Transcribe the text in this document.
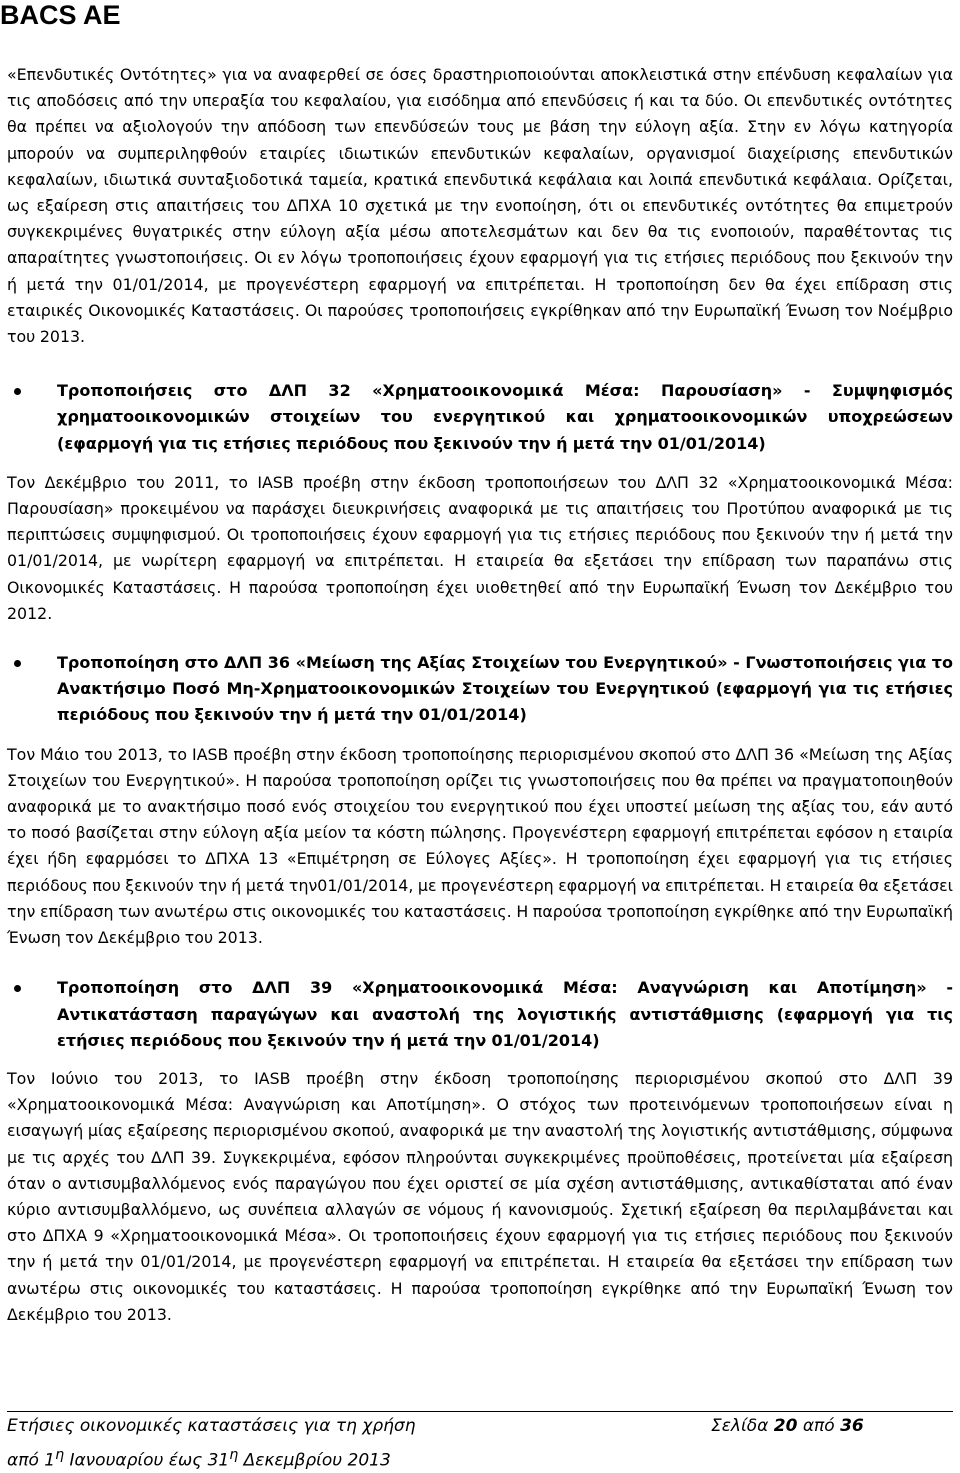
BACS AE

«Επενδυτικές Οντότητες» για να αναφερθεί σε όσες δραστηριοποιούνται αποκλειστικά στην επένδυση κεφαλαίων για τις αποδόσεις από την υπεραξία του κεφαλαίου, για εισόδημα από επενδύσεις ή και τα δύο. Οι επενδυτικές οντότητες θα πρέπει να αξιολογούν την απόδοση των επενδύσεών τους με βάση την εύλογη αξία. Στην εν λόγω κατηγορία μπορούν να συμπεριληφθούν εταιρίες ιδιωτικών επενδυτικών κεφαλαίων, οργανισμοί διαχείρισης επενδυτικών κεφαλαίων, ιδιωτικά συνταξιοδοτικά ταμεία, κρατικά επενδυτικά κεφάλαια και λοιπά επενδυτικά κεφάλαια. Ορίζεται, ως εξαίρεση στις απαιτήσεις του ΔΠΧΑ 10 σχετικά με την ενοποίηση, ότι οι επενδυτικές οντότητες θα επιμετρούν συγκεκριμένες θυγατρικές στην εύλογη αξία μέσω αποτελεσμάτων και δεν θα τις ενοποιούν, παραθέτοντας τις απαραίτητες γνωστοποιήσεις. Οι εν λόγω τροποποιήσεις έχουν εφαρμογή για τις ετήσιες περιόδους που ξεκινούν την ή μετά την 01/01/2014, με προγενέστερη εφαρμογή να επιτρέπεται. Η τροποποίηση δεν θα έχει επίδραση στις εταιρικές Οικονομικές Καταστάσεις. Οι παρούσες τροποποιήσεις εγκρίθηκαν από την Ευρωπαϊκή Ένωση τον Νοέμβριο του 2013.

Τροποποιήσεις στο ΔΛΠ 32 «Χρηματοοικονομικά Μέσα: Παρουσίαση» - Συμψηφισμός χρηματοοικονομικών στοιχείων του ενεργητικού και χρηματοοικονομικών υποχρεώσεων (εφαρμογή για τις ετήσιες περιόδους που ξεκινούν την ή μετά την 01/01/2014)

Τον Δεκέμβριο του 2011, το IASB προέβη στην έκδοση τροποποιήσεων του ΔΛΠ 32 «Χρηματοοικονομικά Μέσα: Παρουσίαση» προκειμένου να παράσχει διευκρινήσεις αναφορικά με τις απαιτήσεις του Προτύπου αναφορικά με τις περιπτώσεις συμψηφισμού. Οι τροποποιήσεις έχουν εφαρμογή για τις ετήσιες περιόδους που ξεκινούν την ή μετά την 01/01/2014, με νωρίτερη εφαρμογή να επιτρέπεται. Η εταιρεία θα εξετάσει την επίδραση των παραπάνω στις Οικονομικές Καταστάσεις. Η παρούσα τροποποίηση έχει υιοθετηθεί από την Ευρωπαϊκή Ένωση τον Δεκέμβριο του 2012.

Τροποποίηση στο ΔΛΠ 36 «Μείωση της Αξίας Στοιχείων του Ενεργητικού» - Γνωστοποιήσεις για το Ανακτήσιμο Ποσό Μη-Χρηματοοικονομικών Στοιχείων του Ενεργητικού (εφαρμογή για τις ετήσιες περιόδους που ξεκινούν την ή μετά την 01/01/2014)

Τον Μάιο του 2013, το IASB προέβη στην έκδοση τροποποίησης περιορισμένου σκοπού στο ΔΛΠ 36 «Μείωση της Αξίας Στοιχείων του Ενεργητικού». Η παρούσα τροποποίηση ορίζει τις γνωστοποιήσεις που θα πρέπει να πραγματοποιηθούν αναφορικά με το ανακτήσιμο ποσό ενός στοιχείου του ενεργητικού που έχει υποστεί μείωση της αξίας του, εάν αυτό το ποσό βασίζεται στην εύλογη αξία μείον τα κόστη πώλησης. Προγενέστερη εφαρμογή επιτρέπεται εφόσον η εταιρία έχει ήδη εφαρμόσει το ΔΠΧΑ 13 «Επιμέτρηση σε Εύλογες Αξίες». Η τροποποίηση έχει εφαρμογή για τις ετήσιες περιόδους που ξεκινούν την ή μετά την01/01/2014, με προγενέστερη εφαρμογή να επιτρέπεται. Η εταιρεία θα εξετάσει την επίδραση των ανωτέρω στις οικονομικές του καταστάσεις. Η παρούσα τροποποίηση εγκρίθηκε από την Ευρωπαϊκή Ένωση τον Δεκέμβριο του 2013.

Τροποποίηση στο ΔΛΠ 39 «Χρηματοοικονομικά Μέσα: Αναγνώριση και Αποτίμηση» - Αντικατάσταση παραγώγων και αναστολή της λογιστικής αντιστάθμισης (εφαρμογή για τις ετήσιες περιόδους που ξεκινούν την ή μετά την 01/01/2014)

Τον Ιούνιο του 2013, το IASB προέβη στην έκδοση τροποποίησης περιορισμένου σκοπού στο ΔΛΠ 39 «Χρηματοοικονομικά Μέσα: Αναγνώριση και Αποτίμηση». Ο στόχος των προτεινόμενων τροποποιήσεων είναι η εισαγωγή μίας εξαίρεσης περιορισμένου σκοπού, αναφορικά με την αναστολή της λογιστικής αντιστάθμισης, σύμφωνα με τις αρχές του ΔΛΠ 39. Συγκεκριμένα, εφόσον πληρούνται συγκεκριμένες προϋποθέσεις, προτείνεται μία εξαίρεση όταν ο αντισυμβαλλόμενος ενός παραγώγου που έχει οριστεί σε μία σχέση αντιστάθμισης, αντικαθίσταται από έναν κύριο αντισυμβαλλόμενο, ως συνέπεια αλλαγών σε νόμους ή κανονισμούς. Σχετική εξαίρεση θα περιλαμβάνεται και στο ΔΠΧΑ 9 «Χρηματοοικονομικά Μέσα». Οι τροποποιήσεις έχουν εφαρμογή για τις ετήσιες περιόδους που ξεκινούν την ή μετά την 01/01/2014, με προγενέστερη εφαρμογή να επιτρέπεται. Η εταιρεία θα εξετάσει την επίδραση των ανωτέρω στις οικονομικές του καταστάσεις. Η παρούσα τροποποίηση εγκρίθηκε από την Ευρωπαϊκή Ένωση τον Δεκέμβριο του 2013.

Ετήσιες οικονομικές καταστάσεις για τη χρήση
από $1^\eta$ Ιανουαρίου έως $31^\eta$ Δεκεμβρίου 2013
Σελίδα 20 από 36
